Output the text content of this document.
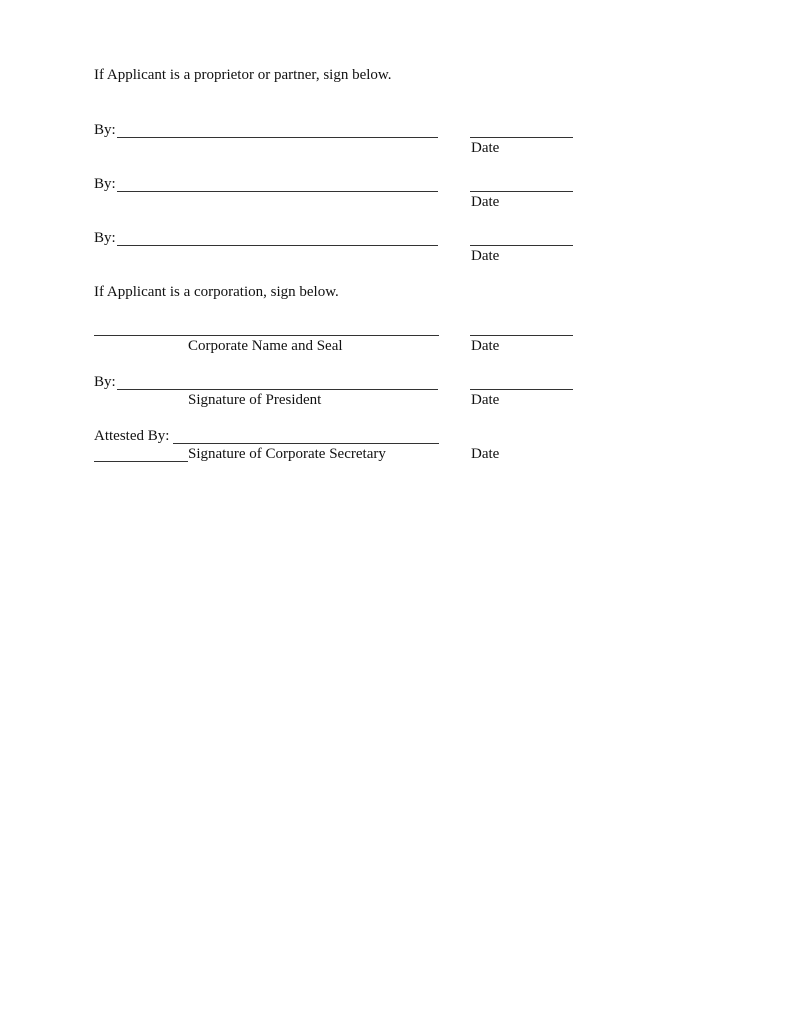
If Applicant is a proprietor or partner, sign below.
By:
Date
By:
Date
By:
Date
If Applicant is a corporation, sign below.
Corporate Name and Seal	Date
By:
Signature of President	Date
Attested By:
Signature of Corporate Secretary	Date
